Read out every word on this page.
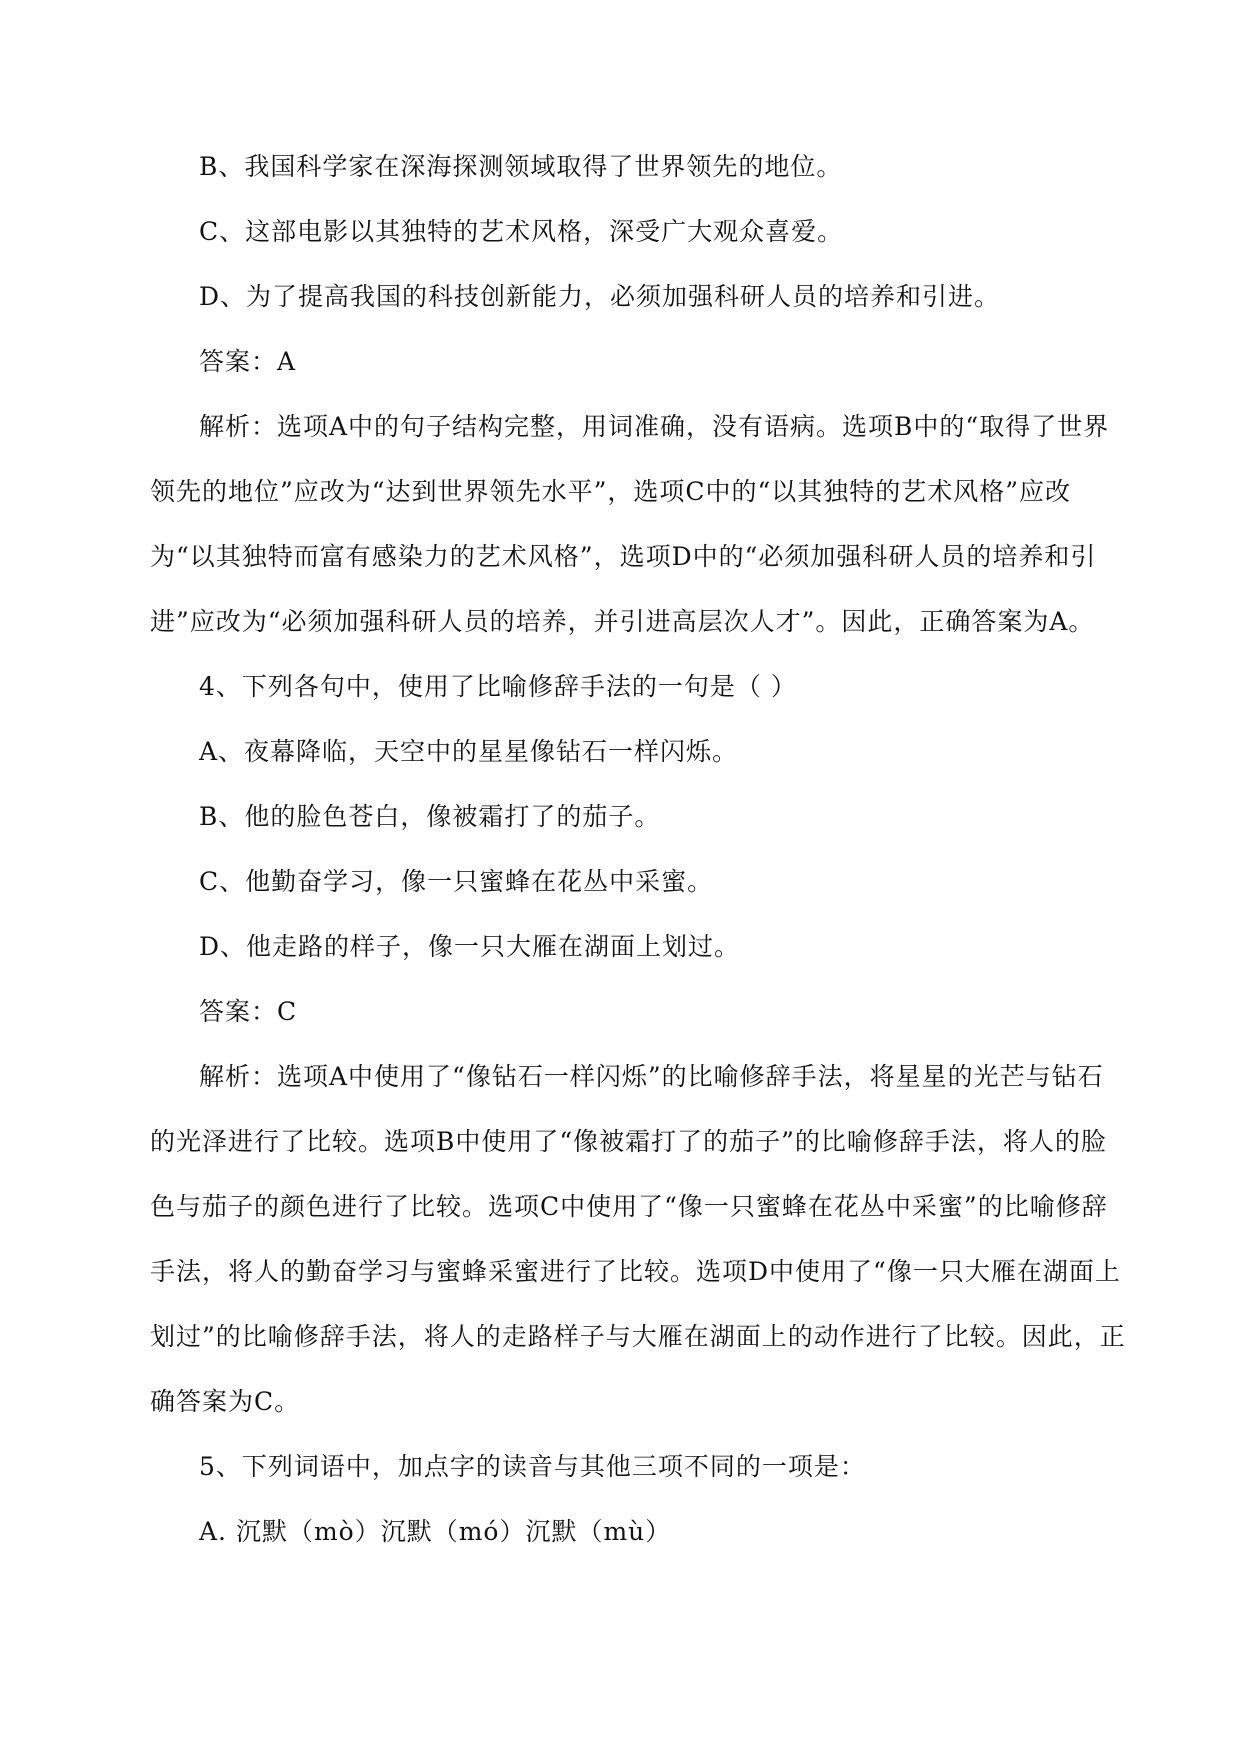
B、我国科学家在深海探测领域取得了世界领先的地位。
C、这部电影以其独特的艺术风格，深受广大观众喜爱。
D、为了提高我国的科技创新能力，必须加强科研人员的培养和引进。
答案：A
解析：选项A中的句子结构完整，用词准确，没有语病。选项B中的“取得了世界
领先的地位”应改为“达到世界领先水平”，选项C中的“以其独特的艺术风格”应改
为“以其独特而富有感染力的艺术风格”，选项D中的“必须加强科研人员的培养和引
进”应改为“必须加强科研人员的培养，并引进高层次人才”。因此，正确答案为A。
4、下列各句中，使用了比喻修辞手法的一句是（ ）
A、夜幕降临，天空中的星星像钻石一样闪烁。
B、他的脸色苍白，像被霜打了的茄子。
C、他勤奋学习，像一只蜜蜂在花丛中采蜜。
D、他走路的样子，像一只大雁在湖面上划过。
答案：C
解析：选项A中使用了“像钻石一样闪烁”的比喻修辞手法，将星星的光芒与钻石
的光泽进行了比较。选项B中使用了“像被霜打了的茄子”的比喻修辞手法，将人的脸
色与茄子的颜色进行了比较。选项C中使用了“像一只蜜蜂在花丛中采蜜”的比喻修辞
手法，将人的勤奋学习与蜜蜂采蜜进行了比较。选项D中使用了“像一只大雁在湖面上
划过”的比喻修辞手法，将人的走路样子与大雁在湖面上的动作进行了比较。因此，正
确答案为C。
5、下列词语中，加点字的读音与其他三项不同的一项是：
A. 沉默（mò）沉默（mó）沉默（mù）
